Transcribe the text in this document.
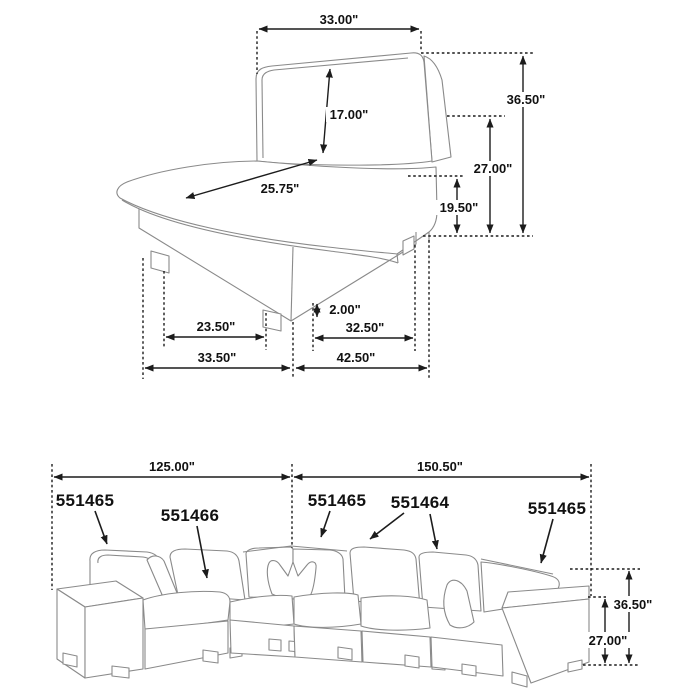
33.00"
17.00"
36.50"
27.00"
19.50"
25.75"
2.00"
23.50"	32.50"
33.50"	42.50"
125.00"	150.50"
36.50"
27.00"
551465
551466
551465 551464	551465
